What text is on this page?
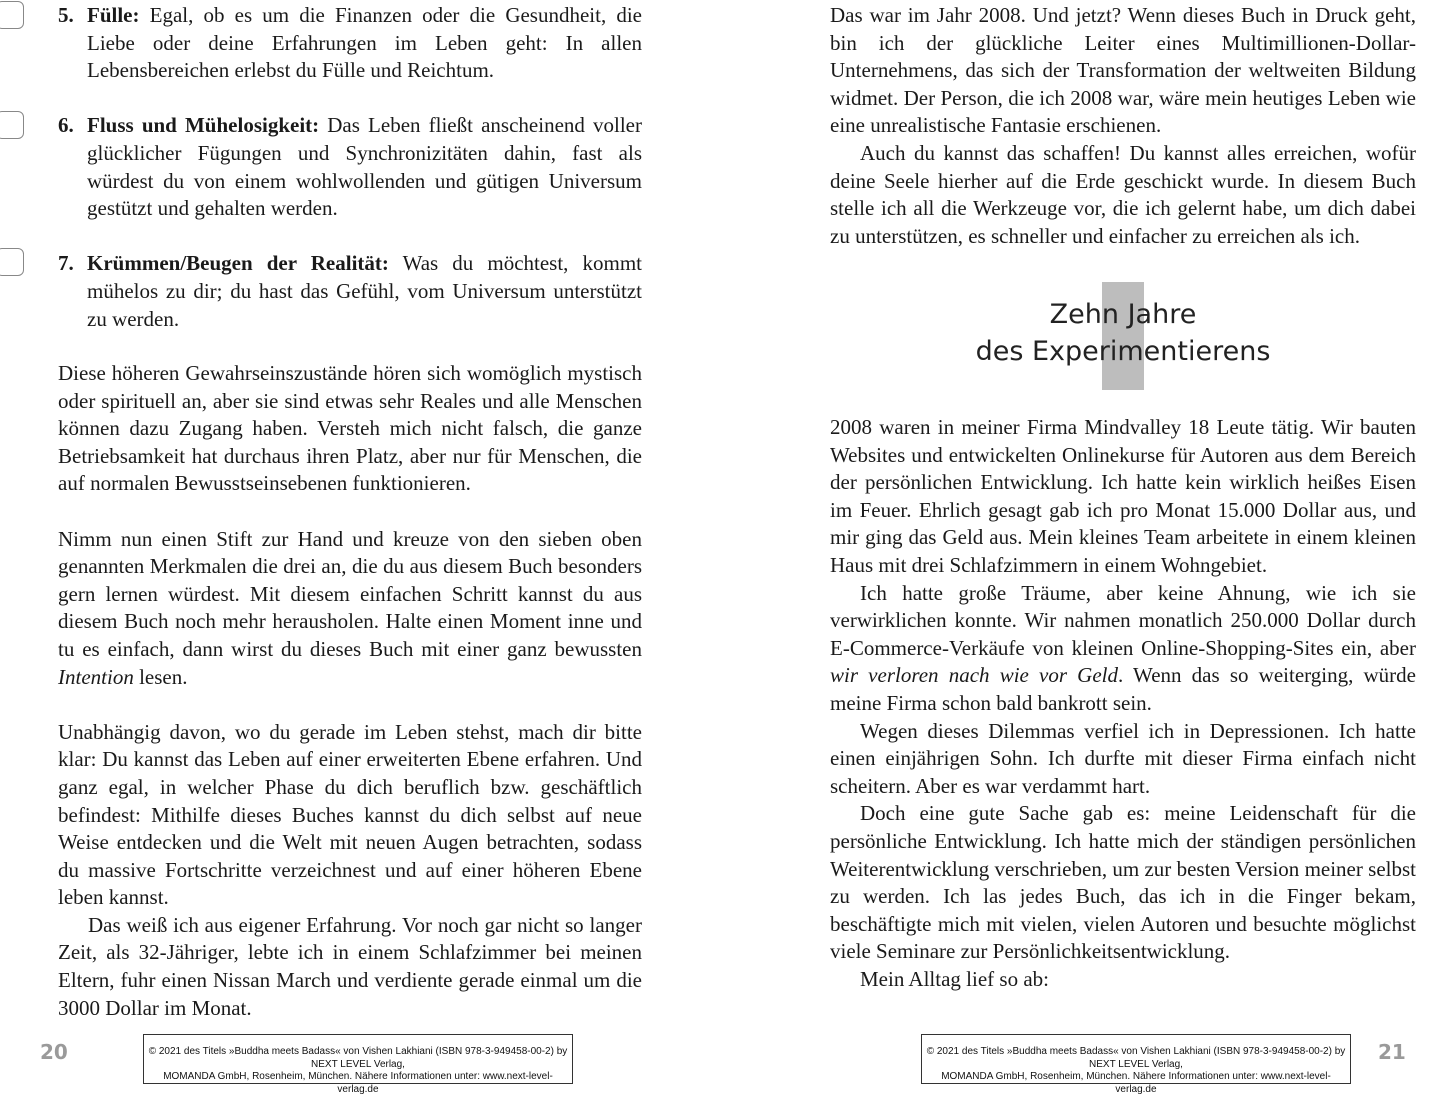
5. Fülle: Egal, ob es um die Finanzen oder die Gesundheit, die Liebe oder deine Erfahrungen im Leben geht: In allen Lebensbereichen erlebst du Fülle und Reichtum.
6. Fluss und Mühelosigkeit: Das Leben fließt anscheinend voller glücklicher Fügungen und Synchronizitäten dahin, fast als würdest du von einem wohlwollenden und gütigen Universum gestützt und gehalten werden.
7. Krümmen/Beugen der Realität: Was du möchtest, kommt mühelos zu dir; du hast das Gefühl, vom Universum unterstützt zu werden.

Diese höheren Gewahrseinszustände hören sich womöglich mystisch oder spirituell an, aber sie sind etwas sehr Reales und alle Menschen können dazu Zugang haben. Versteh mich nicht falsch, die ganze Betriebsamkeit hat durchaus ihren Platz, aber nur für Menschen, die auf normalen Bewusstseinsebenen funktionieren.

Nimm nun einen Stift zur Hand und kreuze von den sieben oben genannten Merkmalen die drei an, die du aus diesem Buch besonders gern lernen würdest. Mit diesem einfachen Schritt kannst du aus diesem Buch noch mehr herausholen. Halte einen Moment inne und tu es einfach, dann wirst du dieses Buch mit einer ganz bewussten Intention lesen.

Unabhängig davon, wo du gerade im Leben stehst, mach dir bitte klar: Du kannst das Leben auf einer erweiterten Ebene erfahren. Und ganz egal, in welcher Phase du dich beruflich bzw. geschäftlich befindest: Mithilfe dieses Buches kannst du dich selbst auf neue Weise entdecken und die Welt mit neuen Augen betrachten, sodass du massive Fortschritte verzeichnest und auf einer höheren Ebene leben kannst.

Das weiß ich aus eigener Erfahrung. Vor noch gar nicht so langer Zeit, als 32-Jähriger, lebte ich in einem Schlafzimmer bei meinen Eltern, fuhr einen Nissan March und verdiente gerade einmal um die 3000 Dollar im Monat.

20	© 2021 des Titels »Buddha meets Badass« von Vishen Lakhiani (ISBN 978-3-949458-00-2) by NEXT LEVEL Verlag,
MOMANDA GmbH, Rosenheim, München. Nähere Informationen unter: www.next-level-verlag.de

Das war im Jahr 2008. Und jetzt? Wenn dieses Buch in Druck geht, bin ich der glückliche Leiter eines Multimillionen-Dollar-Unternehmens, das sich der Transformation der weltweiten Bildung widmet. Der Person, die ich 2008 war, wäre mein heutiges Leben wie eine unrealistische Fantasie erschienen.

Auch du kannst das schaffen! Du kannst alles erreichen, wofür deine Seele hierher auf die Erde geschickt wurde. In diesem Buch stelle ich all die Werkzeuge vor, die ich gelernt habe, um dich dabei zu unterstützen, es schneller und einfacher zu erreichen als ich.

Zehn Jahre
des Experimentierens

2008 waren in meiner Firma Mindvalley 18 Leute tätig. Wir bauten Websites und entwickelten Onlinekurse für Autoren aus dem Bereich der persönlichen Entwicklung. Ich hatte kein wirklich heißes Eisen im Feuer. Ehrlich gesagt gab ich pro Monat 15.000 Dollar aus, und mir ging das Geld aus. Mein kleines Team arbeitete in einem kleinen Haus mit drei Schlafzimmern in einem Wohngebiet.

Ich hatte große Träume, aber keine Ahnung, wie ich sie verwirklichen konnte. Wir nahmen monatlich 250.000 Dollar durch E-Commerce-Verkäufe von kleinen Online-Shopping-Sites ein, aber wir verloren nach wie vor Geld. Wenn das so weiterging, würde meine Firma schon bald bankrott sein.

Wegen dieses Dilemmas verfiel ich in Depressionen. Ich hatte einen einjährigen Sohn. Ich durfte mit dieser Firma einfach nicht scheitern. Aber es war verdammt hart.

Doch eine gute Sache gab es: meine Leidenschaft für die persönliche Entwicklung. Ich hatte mich der ständigen persönlichen Weiterentwicklung verschrieben, um zur besten Version meiner selbst zu werden. Ich las jedes Buch, das ich in die Finger bekam, beschäftigte mich mit vielen, vielen Autoren und besuchte möglichst viele Seminare zur Persönlichkeitsentwicklung.

Mein Alltag lief so ab:

© 2021 des Titels »Buddha meets Badass« von Vishen Lakhiani (ISBN 978-3-949458-00-2) by NEXT LEVEL Verlag,
MOMANDA GmbH, Rosenheim, München. Nähere Informationen unter: www.next-level-verlag.de
21
